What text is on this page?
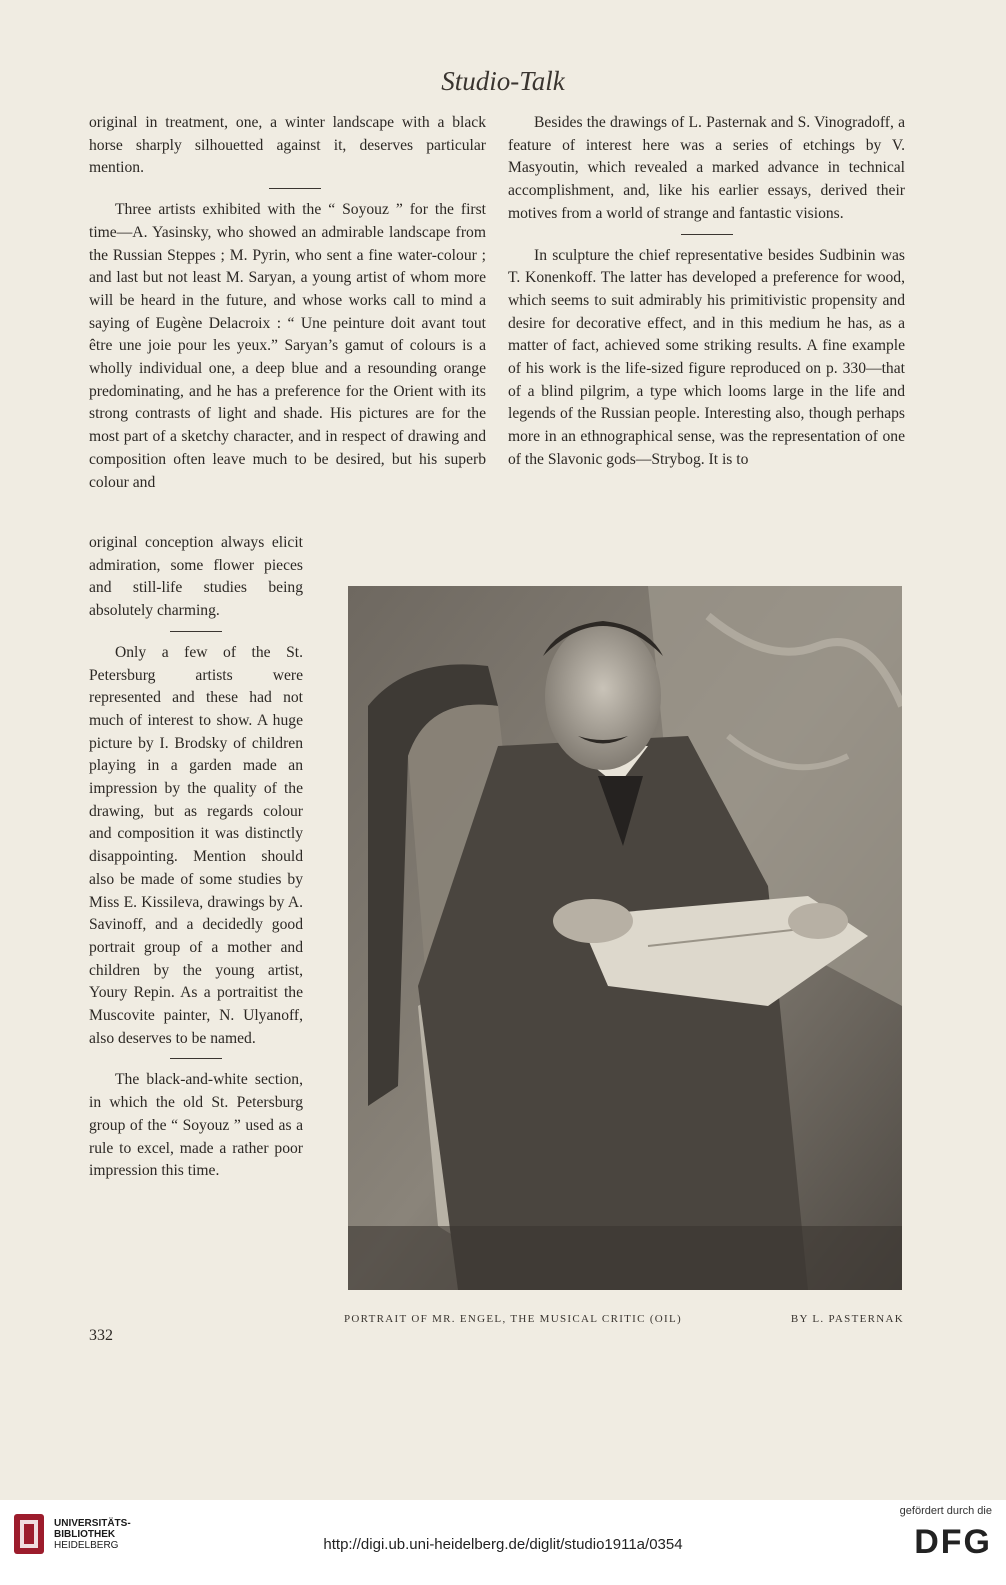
Studio-Talk

original in treatment, one, a winter landscape with a black horse sharply silhouetted against it, deserves particular mention.

Three artists exhibited with the “ Soyouz ” for the first time—A. Yasinsky, who showed an admirable landscape from the Russian Steppes ; M. Pyrin, who sent a fine water-colour ; and last but not least M. Saryan, a young artist of whom more will be heard in the future, and whose works call to mind a saying of Eugène Delacroix : “ Une peinture doit avant tout être une joie pour les yeux.” Saryan’s gamut of colours is a wholly individual one, a deep blue and a resounding orange predominating, and he has a preference for the Orient with its strong contrasts of light and shade. His pictures are for the most part of a sketchy character, and in respect of drawing and composition often leave much to be desired, but his superb colour and

original conception always elicit admiration, some flower pieces and still-life studies being absolutely charming.

Only a few of the St. Petersburg artists were represented and these had not much of interest to show. A huge picture by I. Brodsky of children playing in a garden made an impression by the quality of the drawing, but as regards colour and composition it was distinctly disappointing. Mention should also be made of some studies by Miss E. Kissileva, drawings by A. Savinoff, and a decidedly good portrait group of a mother and children by the young artist, Youry Repin. As a portraitist the Muscovite painter, N. Ulyanoff, also deserves to be named.

The black-and-white section, in which the old St. Petersburg group of the “ Soyouz ” used as a rule to excel, made a rather poor impression this time.

Besides the drawings of L. Pasternak and S. Vinogradoff, a feature of interest here was a series of etchings by V. Masyoutin, which revealed a marked advance in technical accomplishment, and, like his earlier essays, derived their motives from a world of strange and fantastic visions.

In sculpture the chief representative besides Sudbinin was T. Konenkoff. The latter has developed a preference for wood, which seems to suit admirably his primitivistic propensity and desire for decorative effect, and in this medium he has, as a matter of fact, achieved some striking results. A fine example of his work is the life-sized figure reproduced on p. 330—that of a blind pilgrim, a type which looms large in the life and legends of the Russian people. Interesting also, though perhaps more in an ethnographical sense, was the representation of one of the Slavonic gods—Strybog. It is to

PORTRAIT OF MR. ENGEL, THE MUSICAL CRITIC (OIL)	BY L. PASTERNAK
332
UNIVERSITÄTS-
BIBLIOTHEK
HEIDELBERG	http://digi.ub.uni-heidelberg.de/diglit/studio1911a/0354
gefördert durch die
DFG
